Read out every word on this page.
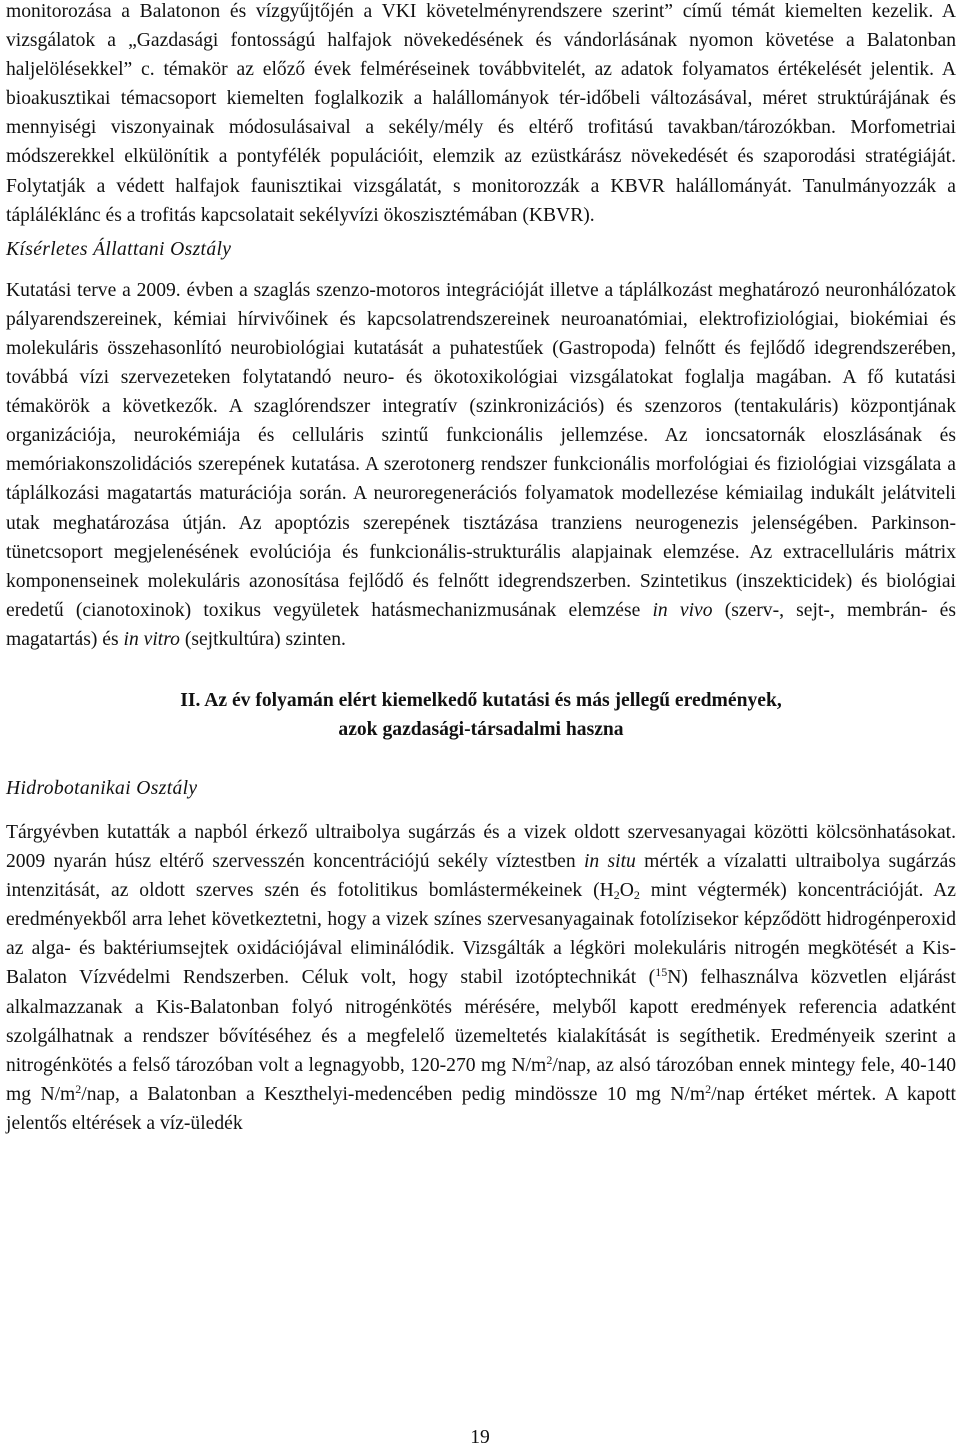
monitorozása a Balatonon és vízgyűjtőjén a VKI követelményrendszere szerint” című témát kiemelten kezelik. A vizsgálatok a „Gazdasági fontosságú halfajok növekedésének és vándorlásának nyomon követése a Balatonban haljelölésekkel” c. témakör az előző évek felméréseinek továbbvitelét, az adatok folyamatos értékelését jelentik. A bioakusztikai témacsoport kiemelten foglalkozik a halállományok tér-időbeli változásával, méret struktúrájának és mennyiségi viszonyainak módosulásaival a sekély/mély és eltérő trofitású tavakban/tározókban. Morfometriai módszerekkel elkülönítik a pontyfélék populációit, elemzik az ezüstkárász növekedését és szaporodási stratégiáját. Folytatják a védett halfajok faunisztikai vizsgálatát, s monitorozzák a KBVR halállományát. Tanulmányozzák a tápláléklánc és a trofitás kapcsolatait sekélyvízi ökoszisztémában (KBVR).

Kísérletes Állattani Osztály

Kutatási terve a 2009. évben a szaglás szenzo-motoros integrációját illetve a táplálkozást meghatározó neuronhálózatok pályarendszereinek, kémiai hírvivőinek és kapcsolatrendszereinek neuroanatómiai, elektrofiziológiai, biokémiai és molekuláris összehasonlító neurobiológiai kutatását a puhatestűek (Gastropoda) felnőtt és fejlődő idegrendszerében, továbbá vízi szervezeteken folytatandó neuro- és ökotoxikológiai vizsgálatokat foglalja magában. A fő kutatási témakörök a következők. A szaglórendszer integratív (szinkronizációs) és szenzoros (tentakuláris) központjának organizációja, neurokémiája és celluláris szintű funkcionális jellemzése. Az ioncsatornák eloszlásának és memóriakonszolidációs szerepének kutatása. A szerotonerg rendszer funkcionális morfológiai és fiziológiai vizsgálata a táplálkozási magatartás maturációja során. A neuroregenerációs folyamatok modellezése kémiailag indukált jelátviteli utak meghatározása útján. Az apoptózis szerepének tisztázása tranziens neurogenezis jelenségében. Parkinson-tünetcsoport megjelenésének evolúciója és funkcionális-strukturális alapjainak elemzése. Az extracelluláris mátrix komponenseinek molekuláris azonosítása fejlődő és felnőtt idegrendszerben. Szintetikus (inszekticidek) és biológiai eredetű (cianotoxinok) toxikus vegyületek hatásmechanizmusának elemzése in vivo (szerv-, sejt-, membrán- és magatartás) és in vitro (sejtkultúra) szinten.

II. Az év folyamán elért kiemelkedő kutatási és más jellegű eredmények,

azok gazdasági-társadalmi haszna

Hidrobotanikai Osztály

Tárgyévben kutatták a napból érkező ultraibolya sugárzás és a vizek oldott szervesanyagai közötti kölcsönhatásokat. 2009 nyarán húsz eltérő szervesszén koncentrációjú sekély víztestben in situ mérték a vízalatti ultraibolya sugárzás intenzitását, az oldott szerves szén és fotolitikus bomlástermékeinek ($H_2O_2$ mint végtermék) koncentrációját. Az eredményekből arra lehet következtetni, hogy a vizek színes szervesanyagainak fotolízisekor képződött hidrogénperoxid az alga- és baktériumsejtek oxidációjával eliminálódik. Vizsgálták a légköri molekuláris nitrogén megkötését a Kis-Balaton Vízvédelmi Rendszerben. Céluk volt, hogy stabil izotóptechnikát ($^{15}$N) felhasználva közvetlen eljárást alkalmazzanak a Kis-Balatonban folyó nitrogénkötés mérésére, melyből kapott eredmények referencia adatként szolgálhatnak a rendszer bővítéséhez és a megfelelő üzemeltetés kialakítását is segíthetik. Eredményeik szerint a nitrogénkötés a felső tározóban volt a legnagyobb, 120-270 mg $N/m^2$/nap, az alsó tározóban ennek mintegy fele, 40-140 mg $N/m^2$/nap, a Balatonban a Keszthelyi-medencében pedig mindössze 10 mg $N/m^2$/nap értéket mértek. A kapott jelentős eltérések a víz-üledék

19
